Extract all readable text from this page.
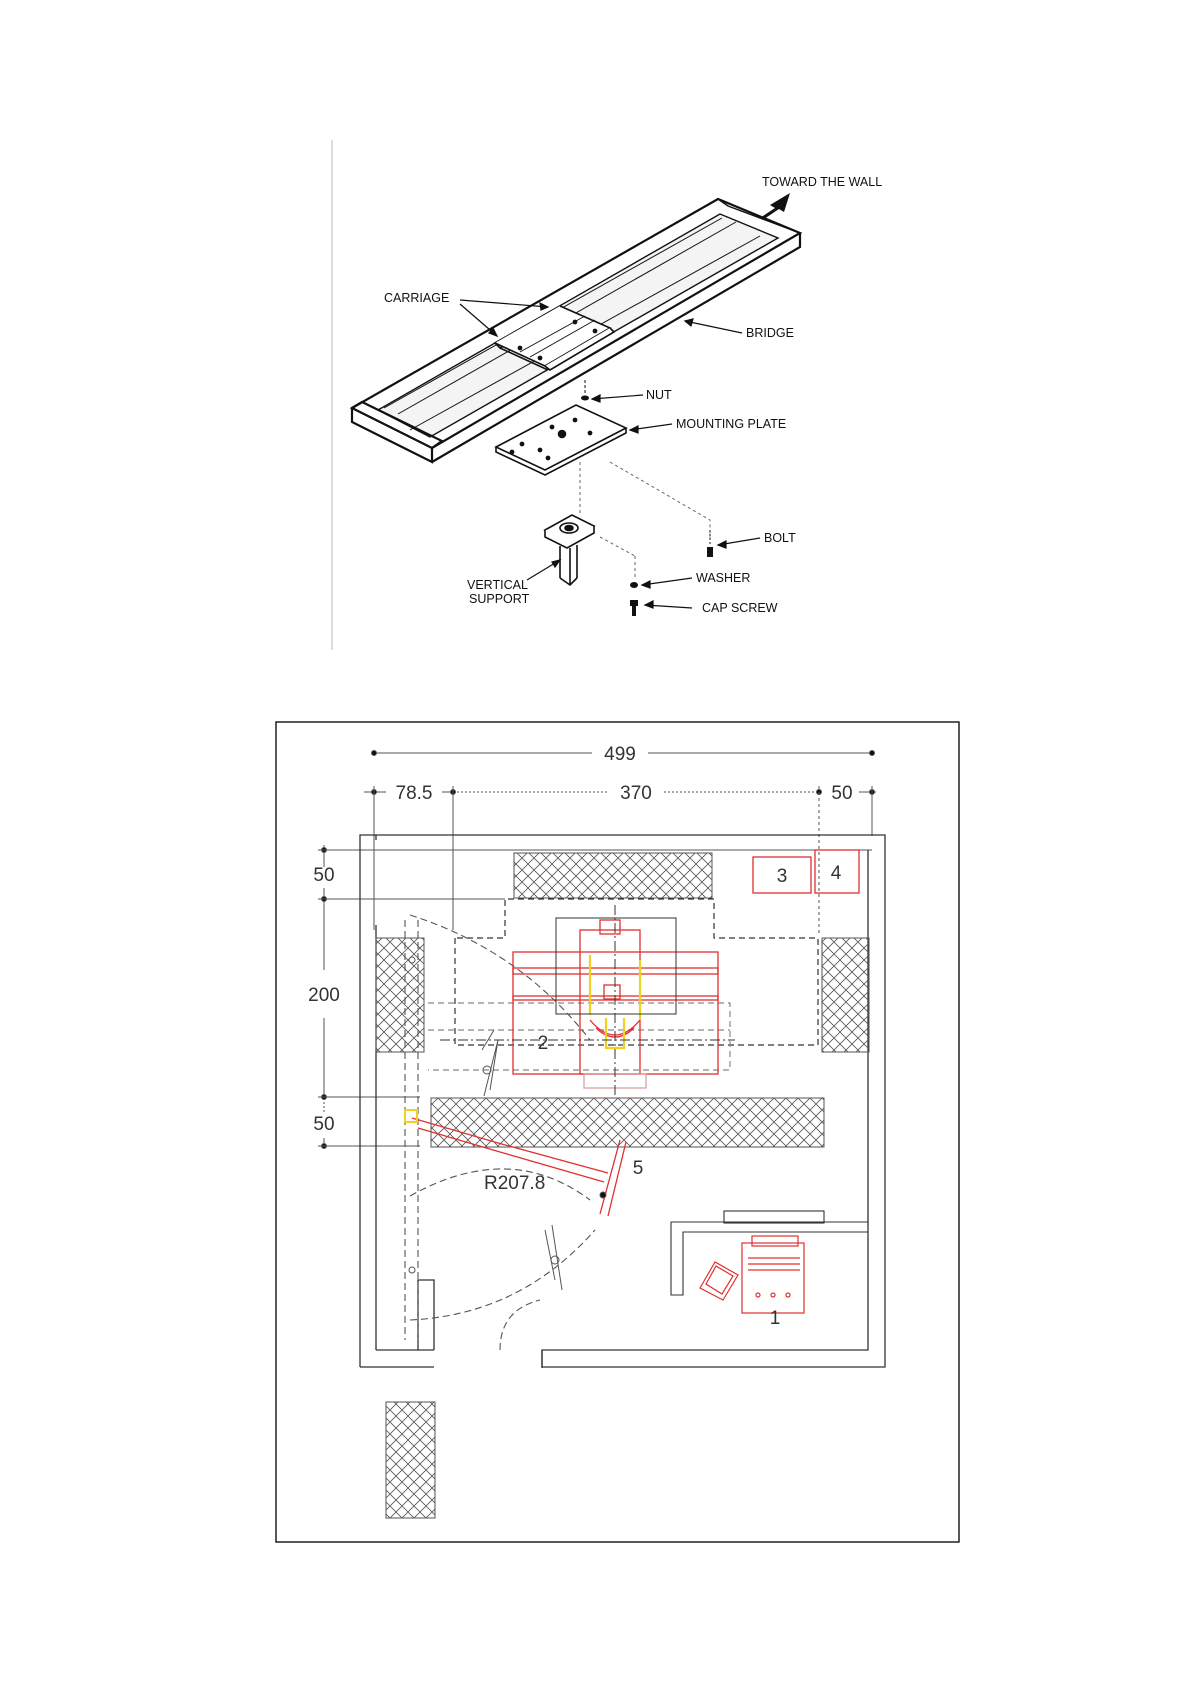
TOWARD THE WALL
CARRIAGE
BRIDGE
NUT
MOUNTING PLATE
BOLT
WASHER
CAP SCREW
VERTICAL
SUPPORT
499
78.5	370	50
50
200
50
R207.8
1
2
3 4
5
